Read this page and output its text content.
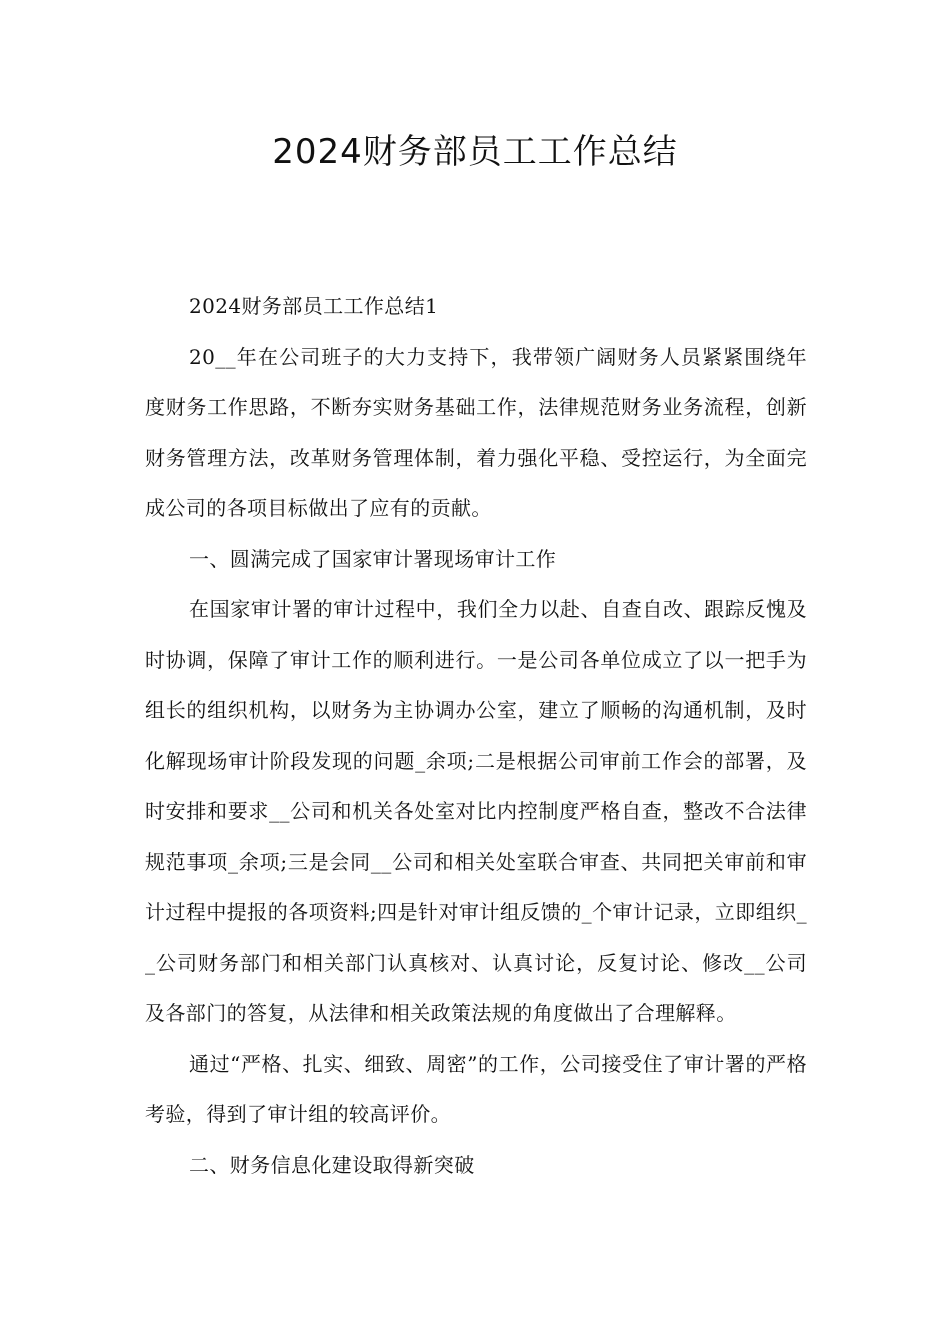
2024财务部员工工作总结

2024财务部员工工作总结1

20__年在公司班子的大力支持下，我带领广阔财务人员紧紧围绕年度财务工作思路，不断夯实财务基础工作，法律规范财务业务流程，创新财务管理方法，改革财务管理体制，着力强化平稳、受控运行，为全面完成公司的各项目标做出了应有的贡献。

一、圆满完成了国家审计署现场审计工作

在国家审计署的审计过程中，我们全力以赴、自查自改、跟踪反愧及时协调，保障了审计工作的顺利进行。一是公司各单位成立了以一把手为组长的组织机构，以财务为主协调办公室，建立了顺畅的沟通机制，及时化解现场审计阶段发现的问题_余项;二是根据公司审前工作会的部署，及时安排和要求__公司和机关各处室对比内控制度严格自查，整改不合法律规范事项_余项;三是会同__公司和相关处室联合审查、共同把关审前和审计过程中提报的各项资料;四是针对审计组反馈的_个审计记录，立即组织__公司财务部门和相关部门认真核对、认真讨论，反复讨论、修改__公司及各部门的答复，从法律和相关政策法规的角度做出了合理解释。

通过“严格、扎实、细致、周密”的工作，公司接受住了审计署的严格考验，得到了审计组的较高评价。

二、财务信息化建设取得新突破
